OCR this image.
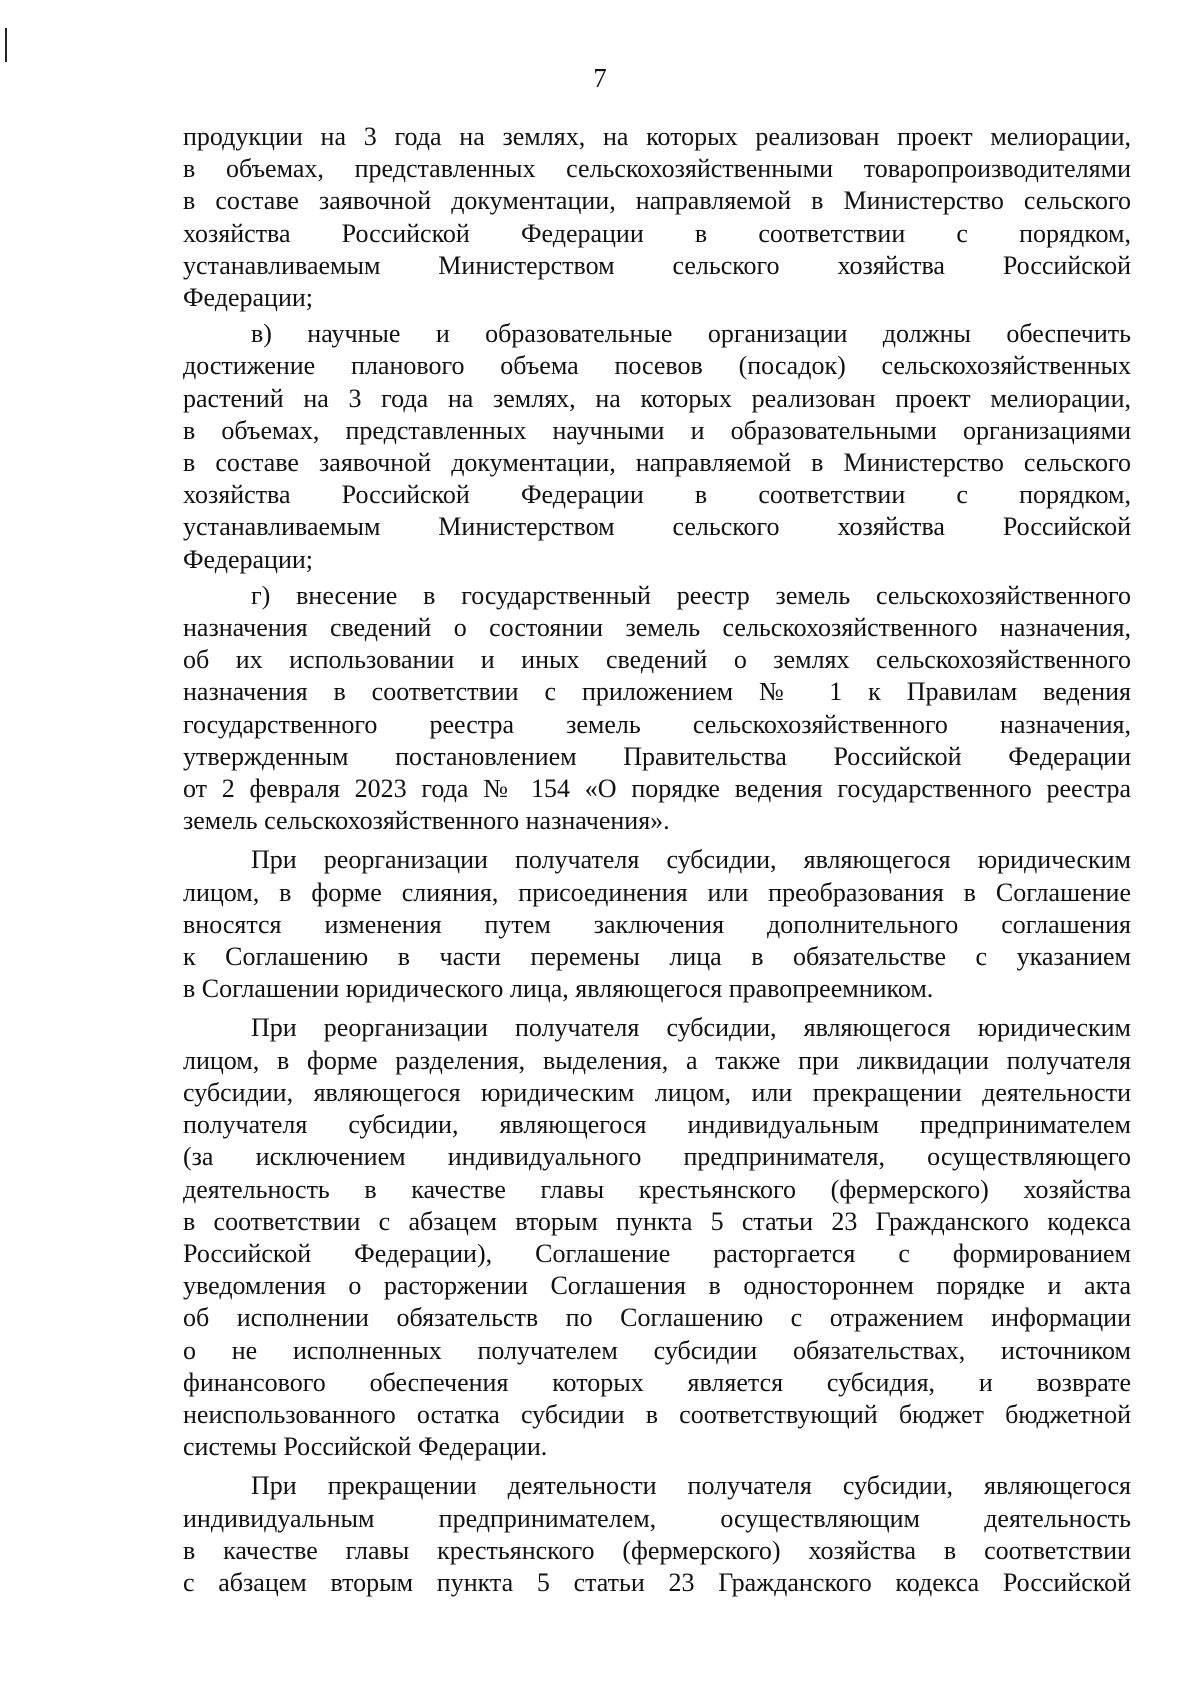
7

продукции на 3 года на землях, на которых реализован проект мелиорации,
в объемах, представленных сельскохозяйственными товаропроизводителями
в составе заявочной документации, направляемой в Министерство сельского
хозяйства Российской Федерации в соответствии с порядком,
устанавливаемым Министерством сельского хозяйства Российской
Федерации;

в) научные и образовательные организации должны обеспечить
достижение планового объема посевов (посадок) сельскохозяйственных
растений на 3 года на землях, на которых реализован проект мелиорации,
в объемах, представленных научными и образовательными организациями
в составе заявочной документации, направляемой в Министерство сельского
хозяйства Российской Федерации в соответствии с порядком,
устанавливаемым Министерством сельского хозяйства Российской
Федерации;

г) внесение в государственный реестр земель сельскохозяйственного
назначения сведений о состоянии земель сельскохозяйственного назначения,
об их использовании и иных сведений о землях сельскохозяйственного
назначения в соответствии с приложением № 1 к Правилам ведения
государственного реестра земель сельскохозяйственного назначения,
утвержденным постановлением Правительства Российской Федерации
от 2 февраля 2023 года № 154 «О порядке ведения государственного реестра
земель сельскохозяйственного назначения».

При реорганизации получателя субсидии, являющегося юридическим
лицом, в форме слияния, присоединения или преобразования в Соглашение
вносятся изменения путем заключения дополнительного соглашения
к Соглашению в части перемены лица в обязательстве с указанием
в Соглашении юридического лица, являющегося правопреемником.

При реорганизации получателя субсидии, являющегося юридическим
лицом, в форме разделения, выделения, а также при ликвидации получателя
субсидии, являющегося юридическим лицом, или прекращении деятельности
получателя субсидии, являющегося индивидуальным предпринимателем
(за исключением индивидуального предпринимателя, осуществляющего
деятельность в качестве главы крестьянского (фермерского) хозяйства
в соответствии с абзацем вторым пункта 5 статьи 23 Гражданского кодекса
Российской Федерации), Соглашение расторгается с формированием
уведомления о расторжении Соглашения в одностороннем порядке и акта
об исполнении обязательств по Соглашению с отражением информации
о не исполненных получателем субсидии обязательствах, источником
финансового обеспечения которых является субсидия, и возврате
неиспользованного остатка субсидии в соответствующий бюджет бюджетной
системы Российской Федерации.

При прекращении деятельности получателя субсидии, являющегося
индивидуальным предпринимателем, осуществляющим деятельность
в качестве главы крестьянского (фермерского) хозяйства в соответствии
с абзацем вторым пункта 5 статьи 23 Гражданского кодекса Российской
